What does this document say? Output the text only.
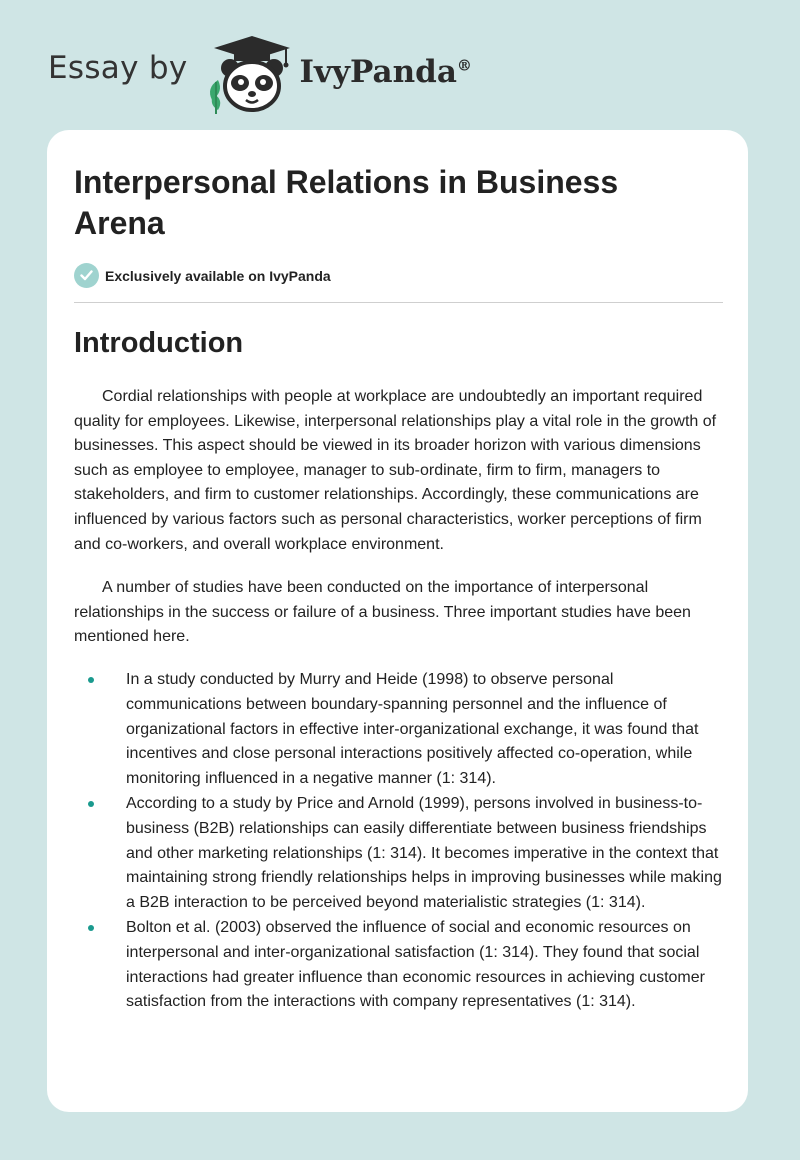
Essay by	IvyPanda®
Interpersonal Relations in Business Arena
Exclusively available on IvyPanda
Introduction

Cordial relationships with people at workplace are undoubtedly an important required quality for employees. Likewise, interpersonal relationships play a vital role in the growth of businesses. This aspect should be viewed in its broader horizon with various dimensions such as employee to employee, manager to sub-ordinate, firm to firm, managers to stakeholders, and firm to customer relationships. Accordingly, these communications are influenced by various factors such as personal characteristics, worker perceptions of firm and co-workers, and overall workplace environment.

A number of studies have been conducted on the importance of interpersonal relationships in the success or failure of a business. Three important studies have been mentioned here.

In a study conducted by Murry and Heide (1998) to observe personal communications between boundary-spanning personnel and the influence of organizational factors in effective inter-organizational exchange, it was found that incentives and close personal interactions positively affected co-operation, while monitoring influenced in a negative manner (1: 314).
According to a study by Price and Arnold (1999), persons involved in business-to-business (B2B) relationships can easily differentiate between business friendships and other marketing relationships (1: 314). It becomes imperative in the context that maintaining strong friendly relationships helps in improving businesses while making a B2B interaction to be perceived beyond materialistic strategies (1: 314).
Bolton et al. (2003) observed the influence of social and economic resources on interpersonal and inter-organizational satisfaction (1: 314). They found that social interactions had greater influence than economic resources in achieving customer satisfaction from the interactions with company representatives (1: 314).
